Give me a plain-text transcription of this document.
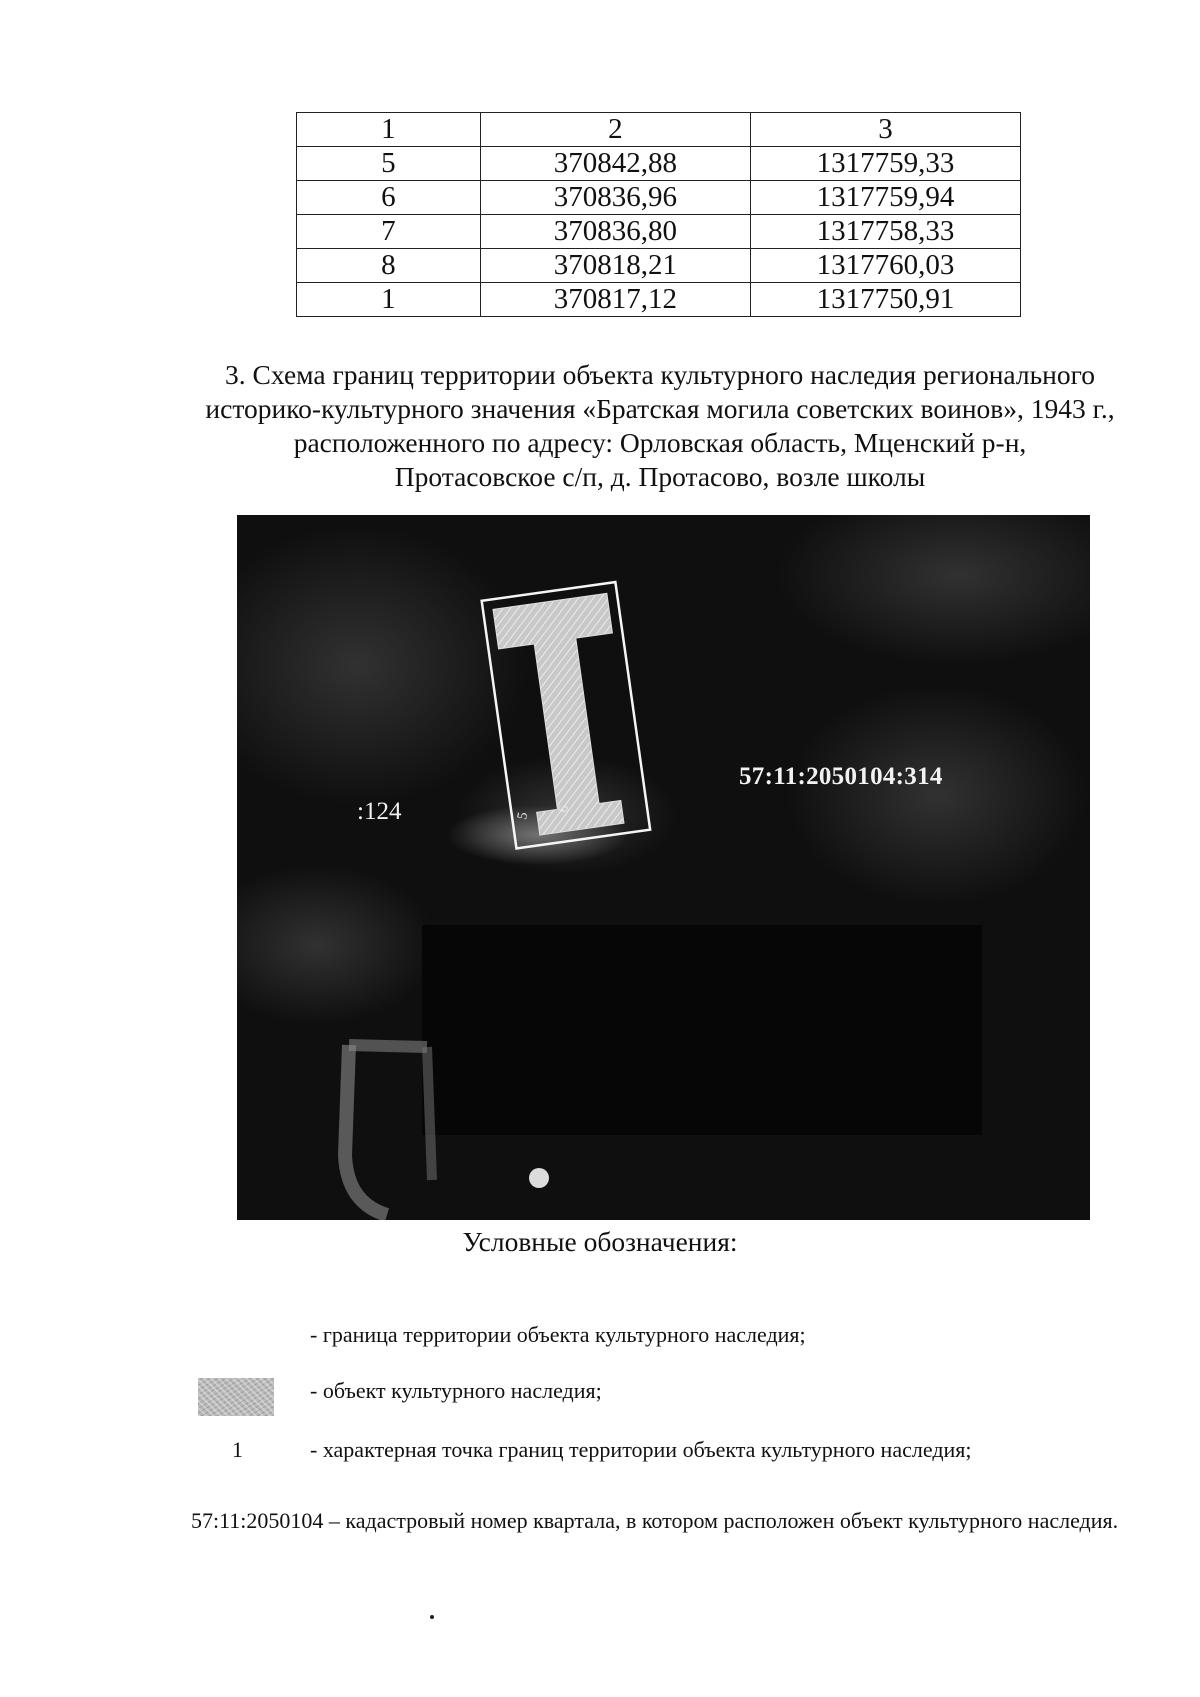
1	2	3
5	370842,88	1317759,33
6	370836,96	1317759,94
7	370836,80	1317758,33
8	370818,21	1317760,03
1	370817,12	1317750,91
3. Схема границ территории объекта культурного наследия регионального
историко-культурного значения «Братская могила советских воинов», 1943 г.,
расположенного по адресу: Орловская область, Мценский р-н,
Протасовское с/п, д. Протасово, возле школы
5
6
:124
57:11:2050104:314
Условные обозначения:
- граница территории объекта культурного наследия;
- объект культурного наследия;
1	- характерная точка границ территории объекта культурного наследия;
57:11:2050104 – кадастровый номер квартала, в котором расположен объект культурного наследия.
